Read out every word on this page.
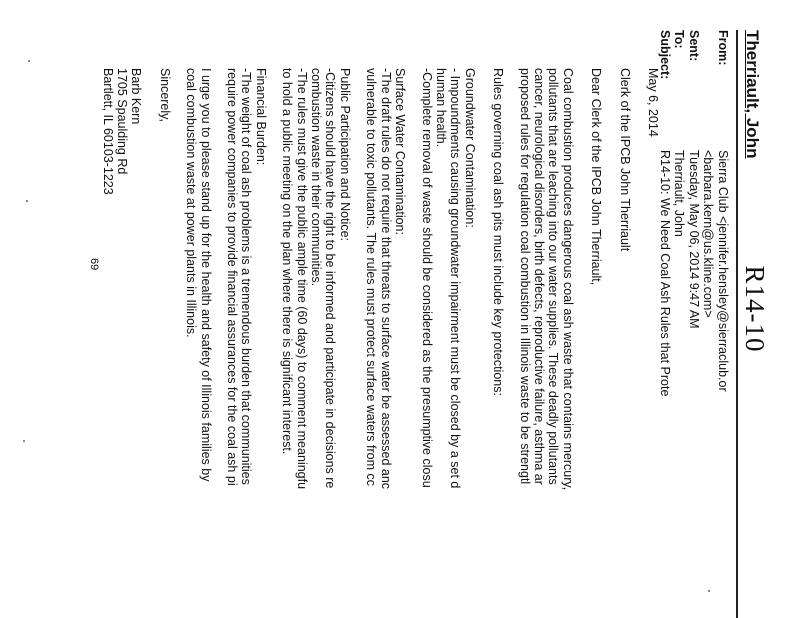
R14-10
Therriault, John
From:
Sierra Club <jennifer.hensley@sierraclub.or
<barbara.kern@us.kline.com>
Sent:
Tuesday, May 06, 2014 9:47 AM
To:
Therriault, John
Subject:
R14-10: We Need Coal Ash Rules that Prote

May 6, 2014

Clerk of the IPCB John Therriault

Dear Clerk of the IPCB John Therriault,

Coal combustion produces dangerous coal ash waste that contains mercury,
pollutants that are leaching into our water supplies. These deadly pollutants
cancer, neurological disorders, birth defects, reproductive failure, asthma ar
proposed rules for regulation coal combustion in Illinois waste to be strengtl

Rules governing coal ash pits must include key protections:

Groundwater Contamination:
- Impoundments causing groundwater impairment must be closed by a set d
human health.
-Complete removal of waste should be considered as the presumptive closu
Surface Water Contamination:
-The draft rules do not require that threats to surface water be assessed anc
vulnerable to toxic pollutants. The rules must protect surface waters from cc
Public Participation and Notice:
-Citizens should have the right to be informed and participate in decisions re
combustion waste in their communities.
-The rules must give the public ample time (60 days) to comment meaningfu
to hold a public meeting on the plan where there is significant interest.
Financial Burden:
-The weight of coal ash problems is a tremendous burden that communities
require power companies to provide financial assurances for the coal ash pi
I urge you to please stand up for the health and safety of Illinois families by
coal combustion waste at power plants in Illinois.

Sincerely,

Barb Kern
1705 Spaulding Rd
Bartlett, IL 60103-1223
69
